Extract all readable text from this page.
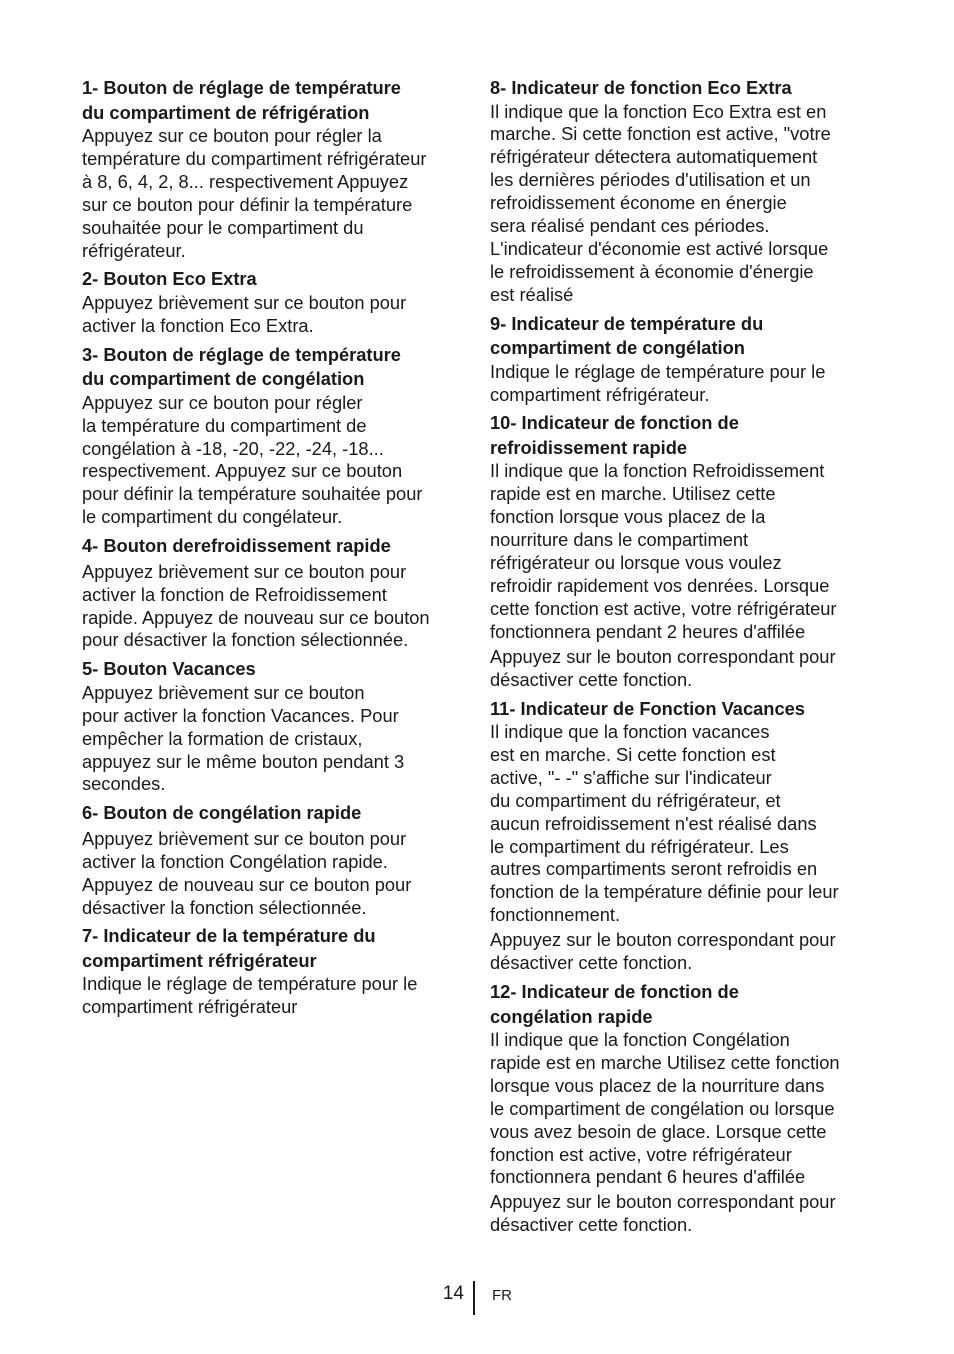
1- Bouton de réglage de température
du compartiment de réfrigération
Appuyez sur ce bouton pour régler la
température du compartiment réfrigérateur
à 8, 6, 4, 2, 8... respectivement Appuyez
sur ce bouton pour définir la température
souhaitée pour le compartiment du
réfrigérateur.
2- Bouton Eco Extra
Appuyez brièvement sur ce bouton pour
activer la fonction Eco Extra.
3- Bouton de réglage de température
du compartiment de congélation
Appuyez sur ce bouton pour régler
la température du compartiment de
congélation à -18, -20, -22, -24, -18...
respectivement. Appuyez sur ce bouton
pour définir la température souhaitée pour
le compartiment du congélateur.
4- Bouton derefroidissement rapide
Appuyez brièvement sur ce bouton pour
activer la fonction de Refroidissement
rapide. Appuyez de nouveau sur ce bouton
pour désactiver la fonction sélectionnée.
5- Bouton Vacances
Appuyez brièvement sur ce bouton
pour activer la fonction Vacances. Pour
empêcher la formation de cristaux,
appuyez sur le même bouton pendant 3
secondes.
6- Bouton de congélation rapide
Appuyez brièvement sur ce bouton pour
activer la fonction Congélation rapide.
Appuyez de nouveau sur ce bouton pour
désactiver la fonction sélectionnée.
7- Indicateur de la température du
compartiment réfrigérateur
Indique le réglage de température pour le
compartiment réfrigérateur
8- Indicateur de fonction Eco Extra
Il indique que la fonction Eco Extra est en
marche. Si cette fonction est active, "votre
réfrigérateur détectera automatiquement
les dernières périodes d'utilisation et un
refroidissement économe en énergie
sera réalisé pendant ces périodes.
L'indicateur d'économie est activé lorsque
le refroidissement à économie d'énergie
est réalisé
9- Indicateur de température du
compartiment de congélation
Indique le réglage de température pour le
compartiment réfrigérateur.
10- Indicateur de fonction de
refroidissement rapide
Il indique que la fonction Refroidissement
rapide est en marche. Utilisez cette
fonction lorsque vous placez de la
nourriture dans le compartiment
réfrigérateur ou lorsque vous voulez
refroidir rapidement vos denrées. Lorsque
cette fonction est active, votre réfrigérateur
fonctionnera pendant 2 heures d'affilée
Appuyez sur le bouton correspondant pour
désactiver cette fonction.
11- Indicateur de Fonction Vacances
Il indique que la fonction vacances
est en marche. Si cette fonction est
active, "- -" s'affiche sur l'indicateur
du compartiment du réfrigérateur, et
aucun refroidissement n'est réalisé dans
le compartiment du réfrigérateur. Les
autres compartiments seront refroidis en
fonction de la température définie pour leur
fonctionnement.
Appuyez sur le bouton correspondant pour
désactiver cette fonction.
12- Indicateur de fonction de
congélation rapide
Il indique que la fonction Congélation
rapide est en marche Utilisez cette fonction
lorsque vous placez de la nourriture dans
le compartiment de congélation ou lorsque
vous avez besoin de glace. Lorsque cette
fonction est active, votre réfrigérateur
fonctionnera pendant 6 heures d'affilée
Appuyez sur le bouton correspondant pour
désactiver cette fonction.
14 FR
